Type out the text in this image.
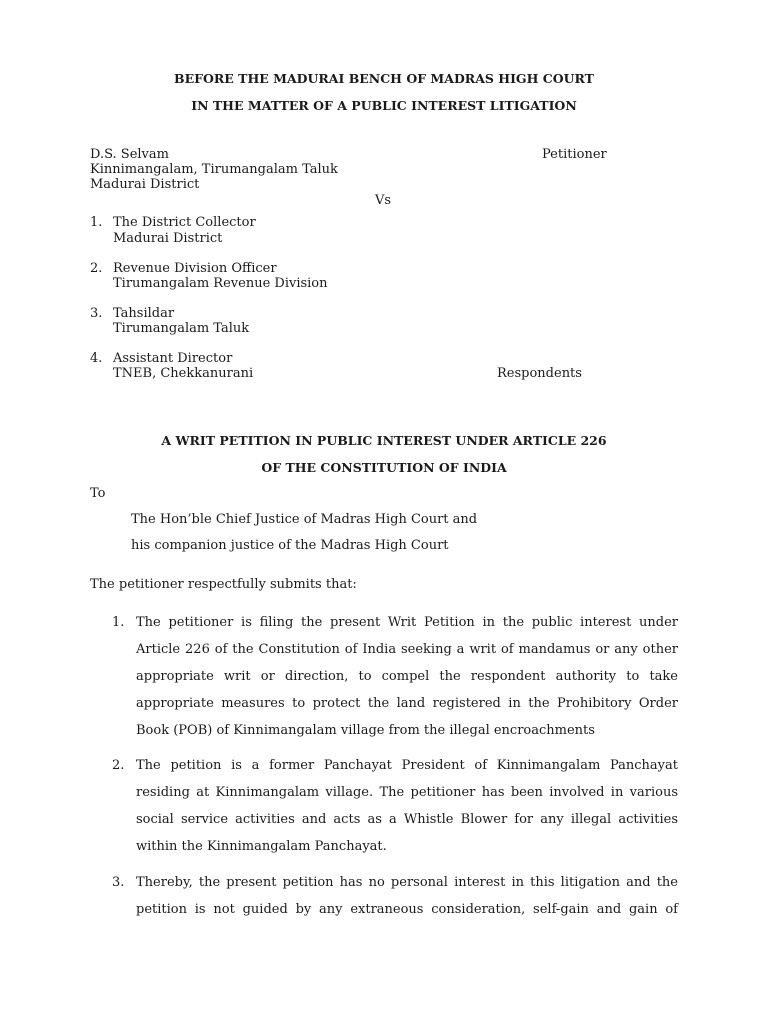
BEFORE THE MADURAI BENCH OF MADRAS HIGH COURT
IN THE MATTER OF A PUBLIC INTEREST LITIGATION
D.S. Selvam
Kinnimangalam, Tirumangalam Taluk
Madurai District
Petitioner
Vs
1. The District Collector
Madurai District
2. Revenue Division Officer
Tirumangalam Revenue Division
3. Tahsildar
Tirumangalam Taluk
4. Assistant Director
TNEB, Chekkanurani	Respondents
A WRIT PETITION IN PUBLIC INTEREST UNDER ARTICLE 226
OF THE CONSTITUTION OF INDIA
To
The Hon’ble Chief Justice of Madras High Court and
his companion justice of the Madras High Court
The petitioner respectfully submits that:
1. The petitioner is filing the present Writ Petition in the public interest under Article 226 of the Constitution of India seeking a writ of mandamus or any other appropriate writ or direction, to compel the respondent authority to take appropriate measures to protect the land registered in the Prohibitory Order Book (POB) of Kinnimangalam village from the illegal encroachments
2. The petition is a former Panchayat President of Kinnimangalam Panchayat residing at Kinnimangalam village. The petitioner has been involved in various social service activities and acts as a Whistle Blower for any illegal activities within the Kinnimangalam Panchayat.
3. Thereby, the present petition has no personal interest in this litigation and the petition is not guided by any extraneous consideration, self-gain and gain of
